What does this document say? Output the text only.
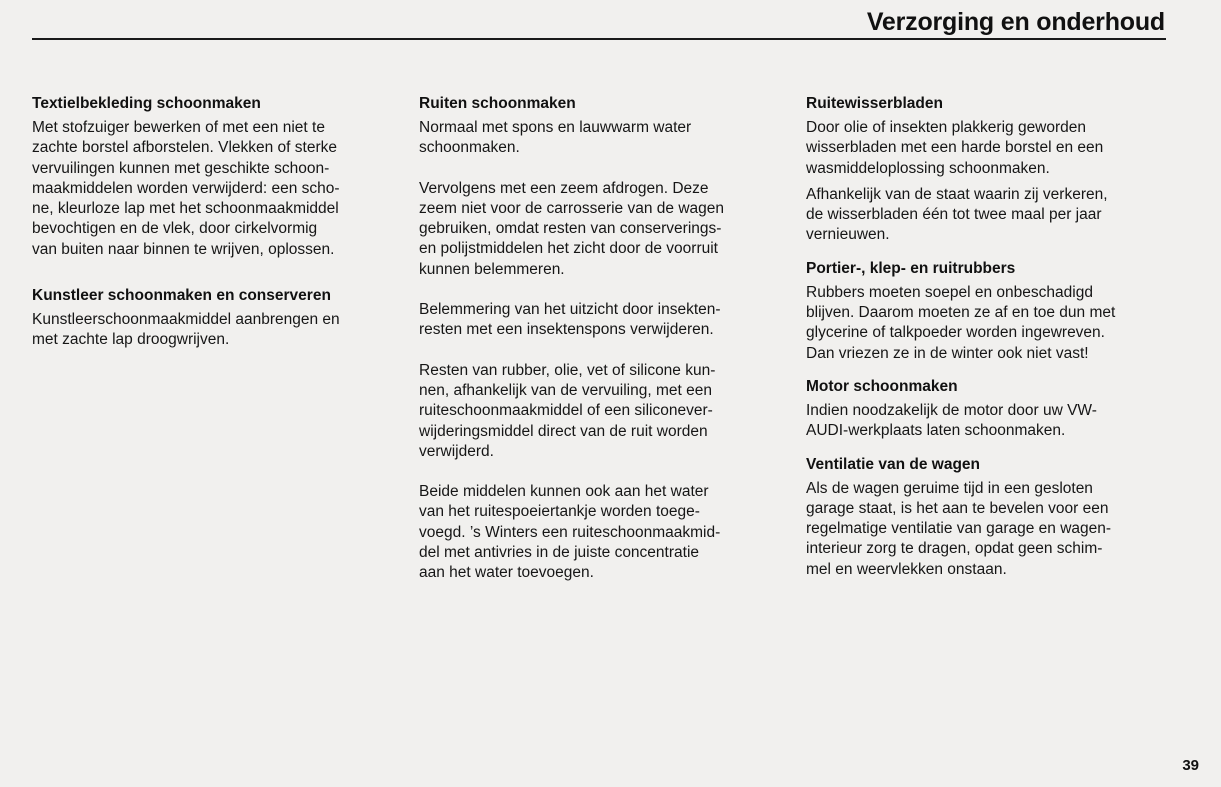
Verzorging en onderhoud
Textielbekleding schoonmaken

Met stofzuiger bewerken of met een niet te
zachte borstel afborstelen. Vlekken of sterke
vervuilingen kunnen met geschikte schoon-
maakmiddelen worden verwijderd: een scho-
ne, kleurloze lap met het schoonmaakmiddel
bevochtigen en de vlek, door cirkelvormig
van buiten naar binnen te wrijven, oplossen.

Kunstleer schoonmaken en conserveren

Kunstleerschoonmaakmiddel aanbrengen en
met zachte lap droogwrijven.

Ruiten schoonmaken

Normaal met spons en lauwwarm water
schoonmaken.

Vervolgens met een zeem afdrogen. Deze
zeem niet voor de carrosserie van de wagen
gebruiken, omdat resten van conserverings-
en polijstmiddelen het zicht door de voorruit
kunnen belemmeren.

Belemmering van het uitzicht door insekten-
resten met een insektenspons verwijderen.

Resten van rubber, olie, vet of silicone kun-
nen, afhankelijk van de vervuiling, met een
ruiteschoonmaakmiddel of een siliconever-
wijderingsmiddel direct van de ruit worden
verwijderd.

Beide middelen kunnen ook aan het water
van het ruitespoeiertankje worden toege-
voegd. ’s Winters een ruiteschoonmaakmid-
del met antivries in de juiste concentratie
aan het water toevoegen.

Ruitewisserbladen

Door olie of insekten plakkerig geworden
wisserbladen met een harde borstel en een
wasmiddeloplossing schoonmaken.

Afhankelijk van de staat waarin zij verkeren,
de wisserbladen één tot twee maal per jaar
vernieuwen.

Portier-, klep- en ruitrubbers

Rubbers moeten soepel en onbeschadigd
blijven. Daarom moeten ze af en toe dun met
glycerine of talkpoeder worden ingewreven.
Dan vriezen ze in de winter ook niet vast!

Motor schoonmaken

Indien noodzakelijk de motor door uw VW-
AUDI-werkplaats laten schoonmaken.

Ventilatie van de wagen

Als de wagen geruime tijd in een gesloten
garage staat, is het aan te bevelen voor een
regelmatige ventilatie van garage en wagen-
interieur zorg te dragen, opdat geen schim-
mel en weervlekken onstaan.

39
